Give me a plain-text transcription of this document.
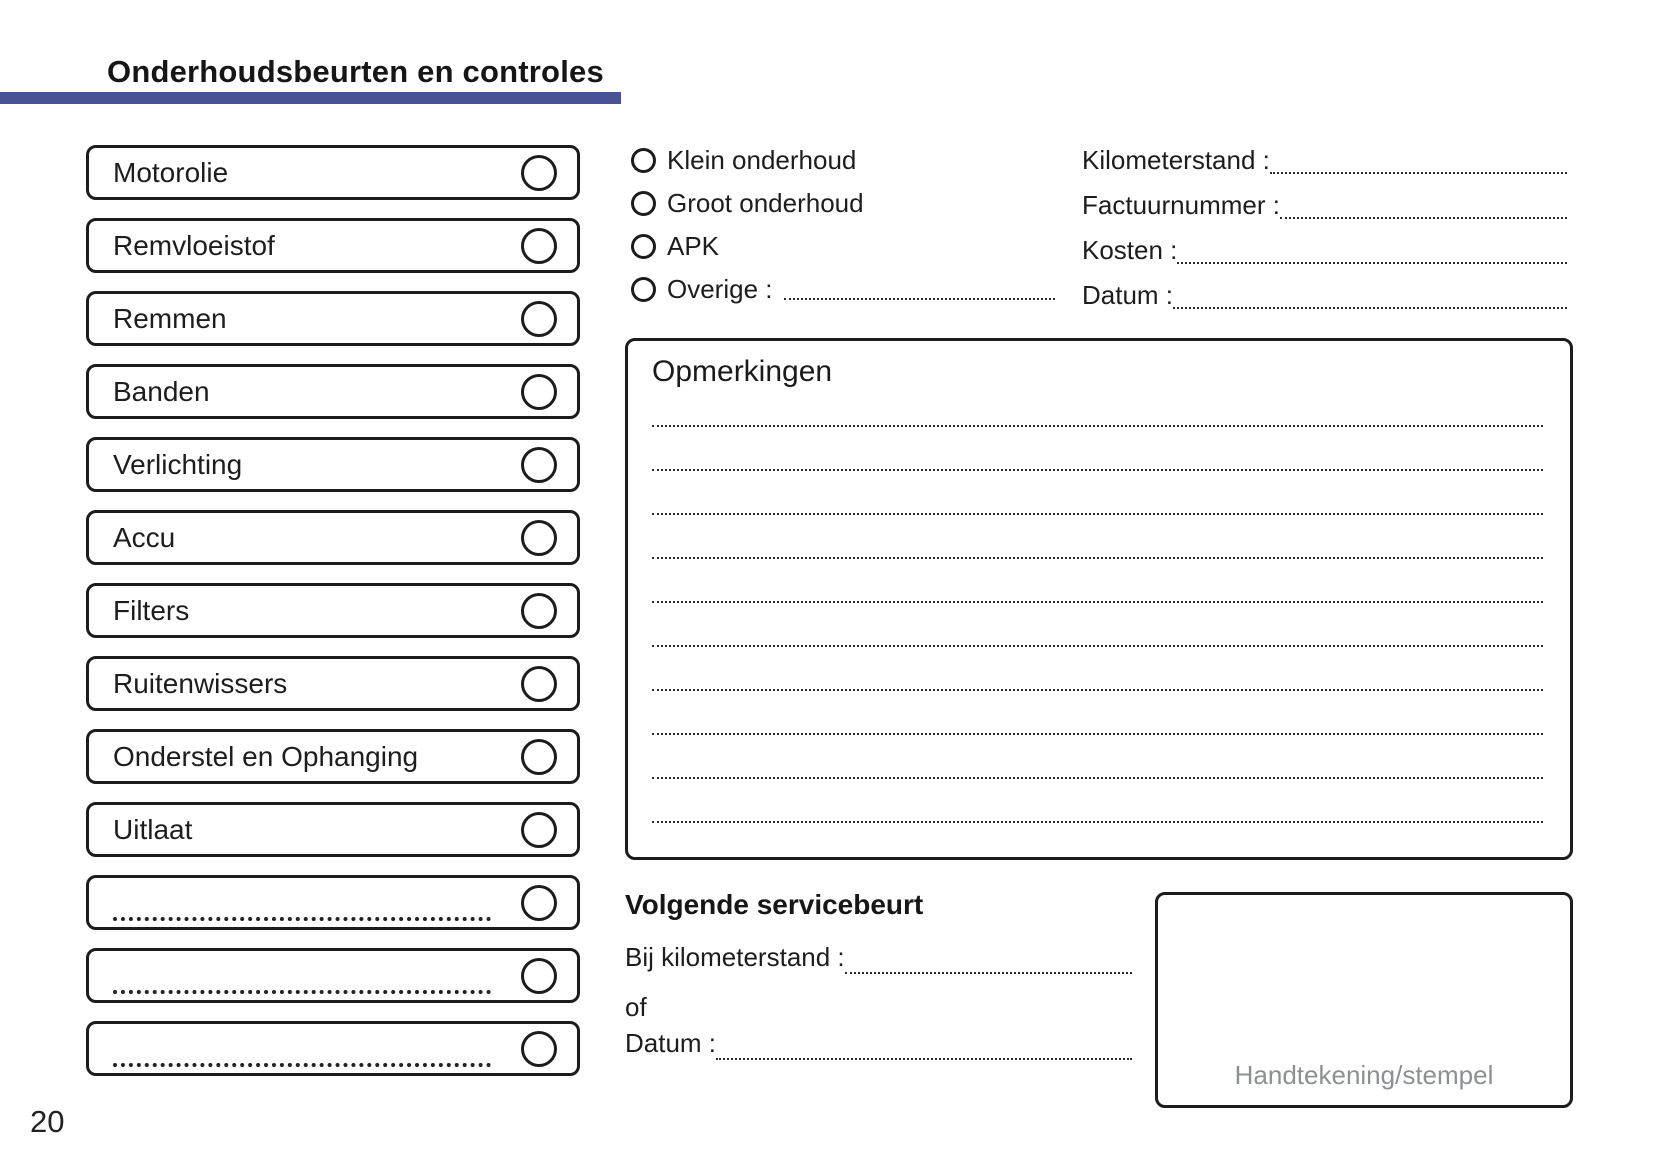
Onderhoudsbeurten en controles
Motorolie
Remvloeistof
Remmen
Banden
Verlichting
Accu
Filters
Ruitenwissers
Onderstel en Ophanging
Uitlaat
Klein onderhoud
Groot onderhoud
APK
Overige :
Kilometerstand :
Factuurnummer :
Kosten :
Datum :
Opmerkingen
Volgende servicebeurt
Bij kilometerstand :
of
Datum :
Handtekening/stempel
20
